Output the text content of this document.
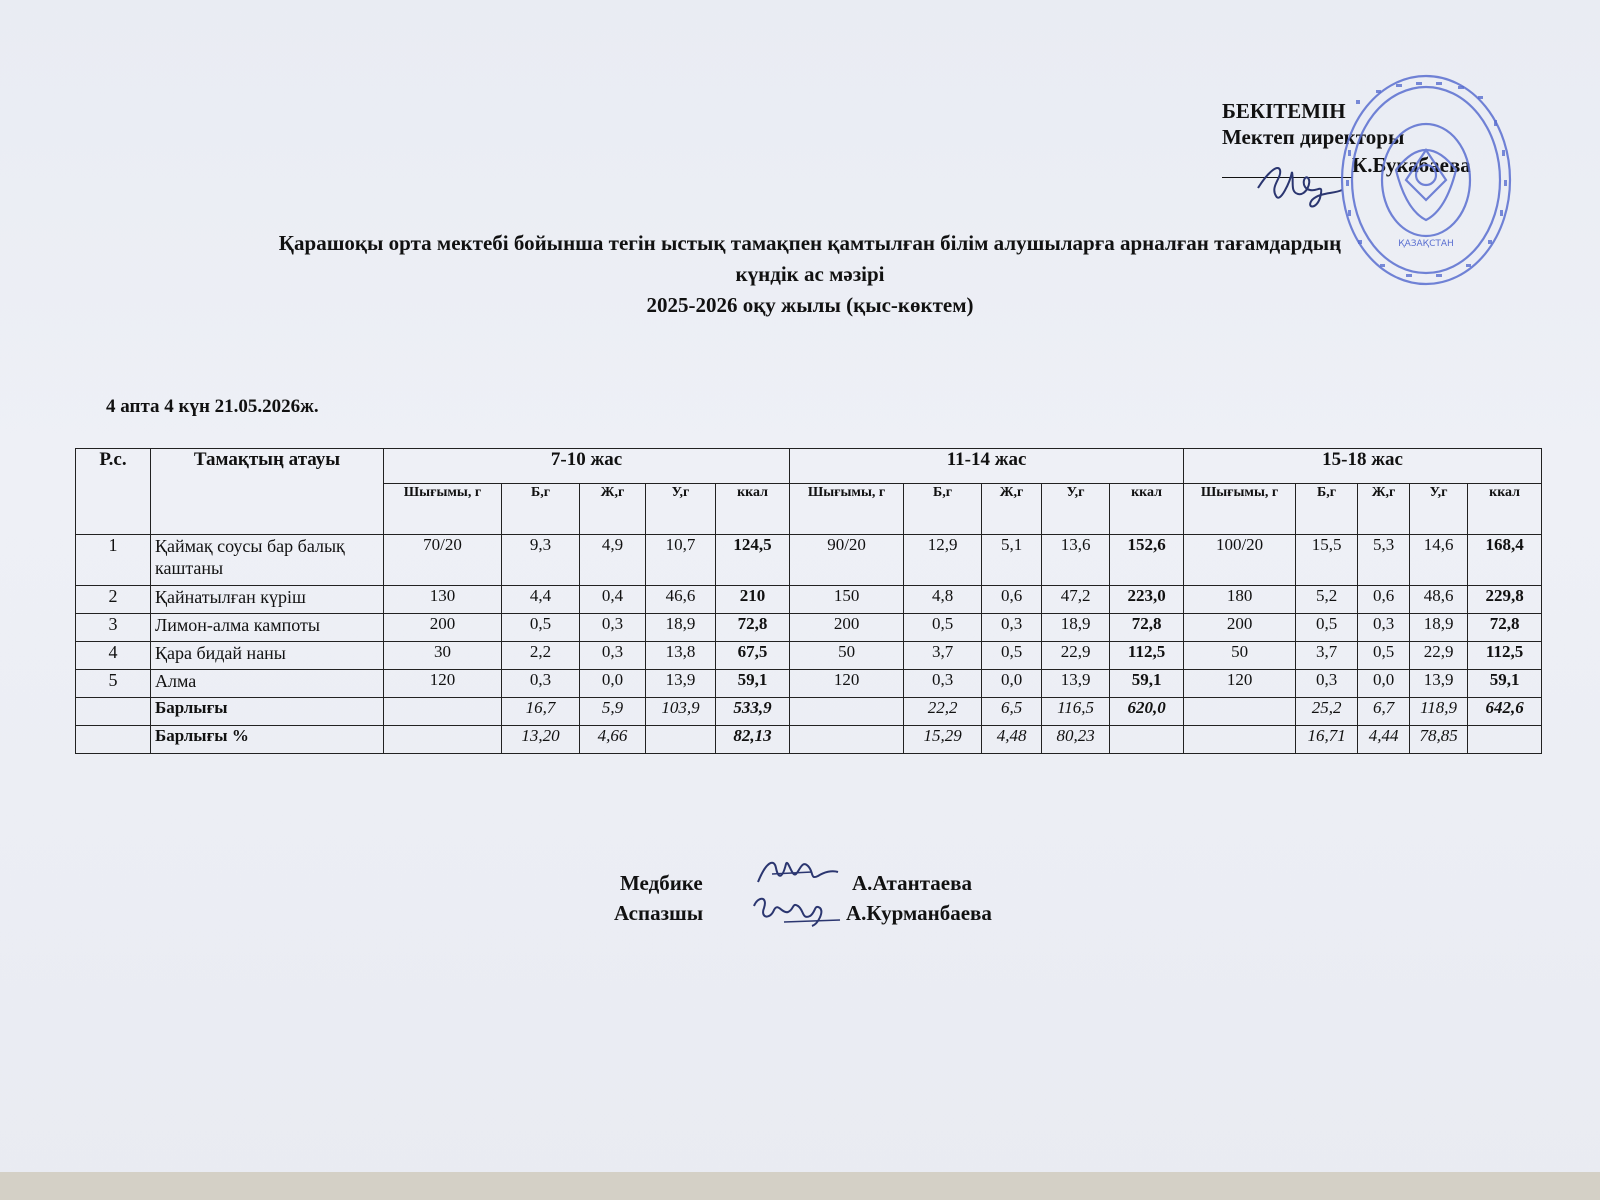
БЕКІТЕМІН
Мектеп директоры
К.Букабаева
ҚАЗАҚСТАН
Қарашоқы орта мектебі бойынша тегін ыстық тамақпен қамтылған білім алушыларға арналған тағамдардың
күндік ас мәзірі
2025-2026 оқу жылы (қыс-көктем)
4 апта 4 күн 21.05.2026ж.
Р.с.	Тамақтың атауы	7-10 жас					11-14 жас					15-18 жас				
		Шығымы, г	Б,г	Ж,г	У,г	ккал	Шығымы, г	Б,г	Ж,г	У,г	ккал	Шығымы, г	Б,г	Ж,г	У,г	ккал
1	Қаймақ соусы бар балық каштаны	70/20	9,3	4,9	10,7	124,5	90/20	12,9	5,1	13,6	152,6	100/20	15,5	5,3	14,6	168,4
2	Қайнатылған күріш	130	4,4	0,4	46,6	210	150	4,8	0,6	47,2	223,0	180	5,2	0,6	48,6	229,8
3	Лимон-алма кампоты	200	0,5	0,3	18,9	72,8	200	0,5	0,3	18,9	72,8	200	0,5	0,3	18,9	72,8
4	Қара бидай наны	30	2,2	0,3	13,8	67,5	50	3,7	0,5	22,9	112,5	50	3,7	0,5	22,9	112,5
5	Алма	120	0,3	0,0	13,9	59,1	120	0,3	0,0	13,9	59,1	120	0,3	0,0	13,9	59,1
	Барлығы		16,7	5,9	103,9	533,9		22,2	6,5	116,5	620,0		25,2	6,7	118,9	642,6
	Барлығы %		13,20	4,66		82,13		15,29	4,48	80,23			16,71	4,44	78,85	
Медбике	А.Атантаева
Аспазшы	А.Курманбаева
